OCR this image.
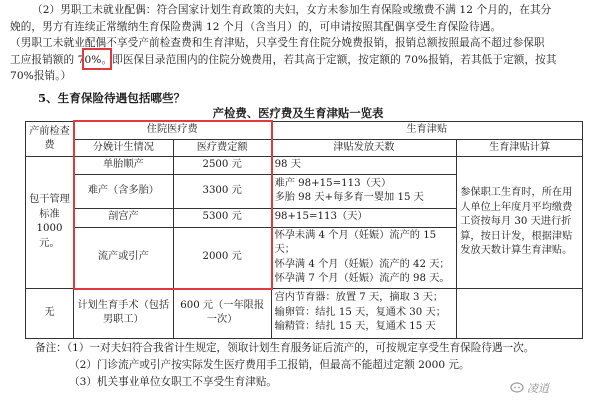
（2）男职工未就业配偶：符合国家计划生育政策的夫妇，女方未参加生育保险或缴费不满 12 个月的，在其分
娩的，男方有连续正常缴纳生育保险费满 12 个月（含当月）的，可申请按照其配偶享受生育保险待遇。
（男职工未就业配偶不享受产前检查费和生育津贴，只享受生育住院分娩费报销，报销总额按照最高不超过参保职
工应报销额的 70%。即医保目录范围内的住院分娩费用，若其高于定额，按定额的 70%报销，若其低于定额，按其
70%报销。）
5、生育保险待遇包括哪些？
产检费、医疗费及生育津贴一览表
产前检查费	住院医疗费		生育津贴	
	分娩计生情况	医疗费定额	津贴发放天数	生育津贴计算
包干管理标准 1000 元。	单胎顺产	2500 元	98 天	参保职工生育时，所在用人单位上年度月平均缴费工资按每月 30 天进行折算，按日计发，根据津贴发放天数计算生育津贴。
	难产（含多胎）	3300 元	难产 98+15=113（天）
多胎 98 天+每多育一婴加 15 天	

	剖宫产	5300 元	98+15=113（天）	
	流产或引产	2000 元	怀孕未满 4 个月（妊娠）流产的 15 天；
怀孕满 4 个月（妊娠）流产的 42 天；
怀孕满 7 个月（妊娠）流产的 98 天。	

无	计划生育手术（包括男职工）	600 元（一年限报一次）	宫内节育器：放置 7 天，摘取 3 天；
输卵管：结扎 15 天，复通术 30 天；
输精管：结扎 15 天，复通术 15 天	

备注：（1）一对夫妇符合我省计生规定，领取计划生育服务证后流产的，可按规定享受生育保险待遇一次。
（2）门诊流产或引产按实际发生医疗费用手工报销，但最高不能超过定额 2000 元。
（3）机关事业单位女职工不享受生育津贴。	凌逍
